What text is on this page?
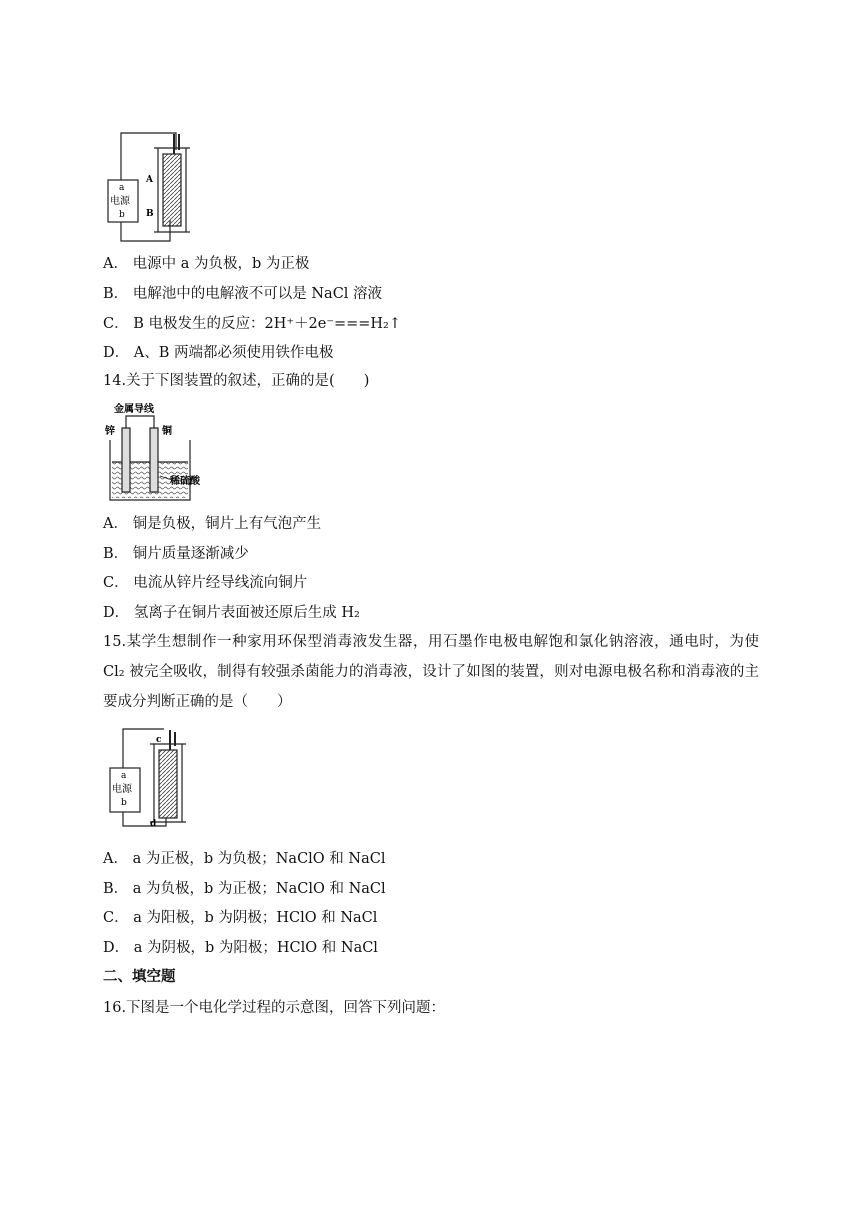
a
电源
b
A
B
A． 电源中 a 为负极，b 为正极
B． 电解池中的电解液不可以是 NaCl 溶液
C． B 电极发生的反应：2H⁺＋2e⁻===H₂↑
D． A、B 两端都必须使用铁作电极
14.关于下图装置的叙述，正确的是(　　)
金属导线
锌	铜
稀硫酸
A． 铜是负极，铜片上有气泡产生
B． 铜片质量逐渐减少
C． 电流从锌片经导线流向铜片
D． 氢离子在铜片表面被还原后生成 H₂
15.某学生想制作一种家用环保型消毒液发生器，用石墨作电极电解饱和氯化钠溶液，通电时，为使 Cl₂ 被完全吸收，制得有较强杀菌能力的消毒液，设计了如图的装置，则对电源电极名称和消毒液的主要成分判断正确的是（　　）
a
电源
b
c
d
A． a 为正极，b 为负极；NaClO 和 NaCl
B． a 为负极，b 为正极；NaClO 和 NaCl
C． a 为阳极，b 为阴极；HClO 和 NaCl
D． a 为阴极，b 为阳极；HClO 和 NaCl
二、填空题
16.下图是一个电化学过程的示意图，回答下列问题：
